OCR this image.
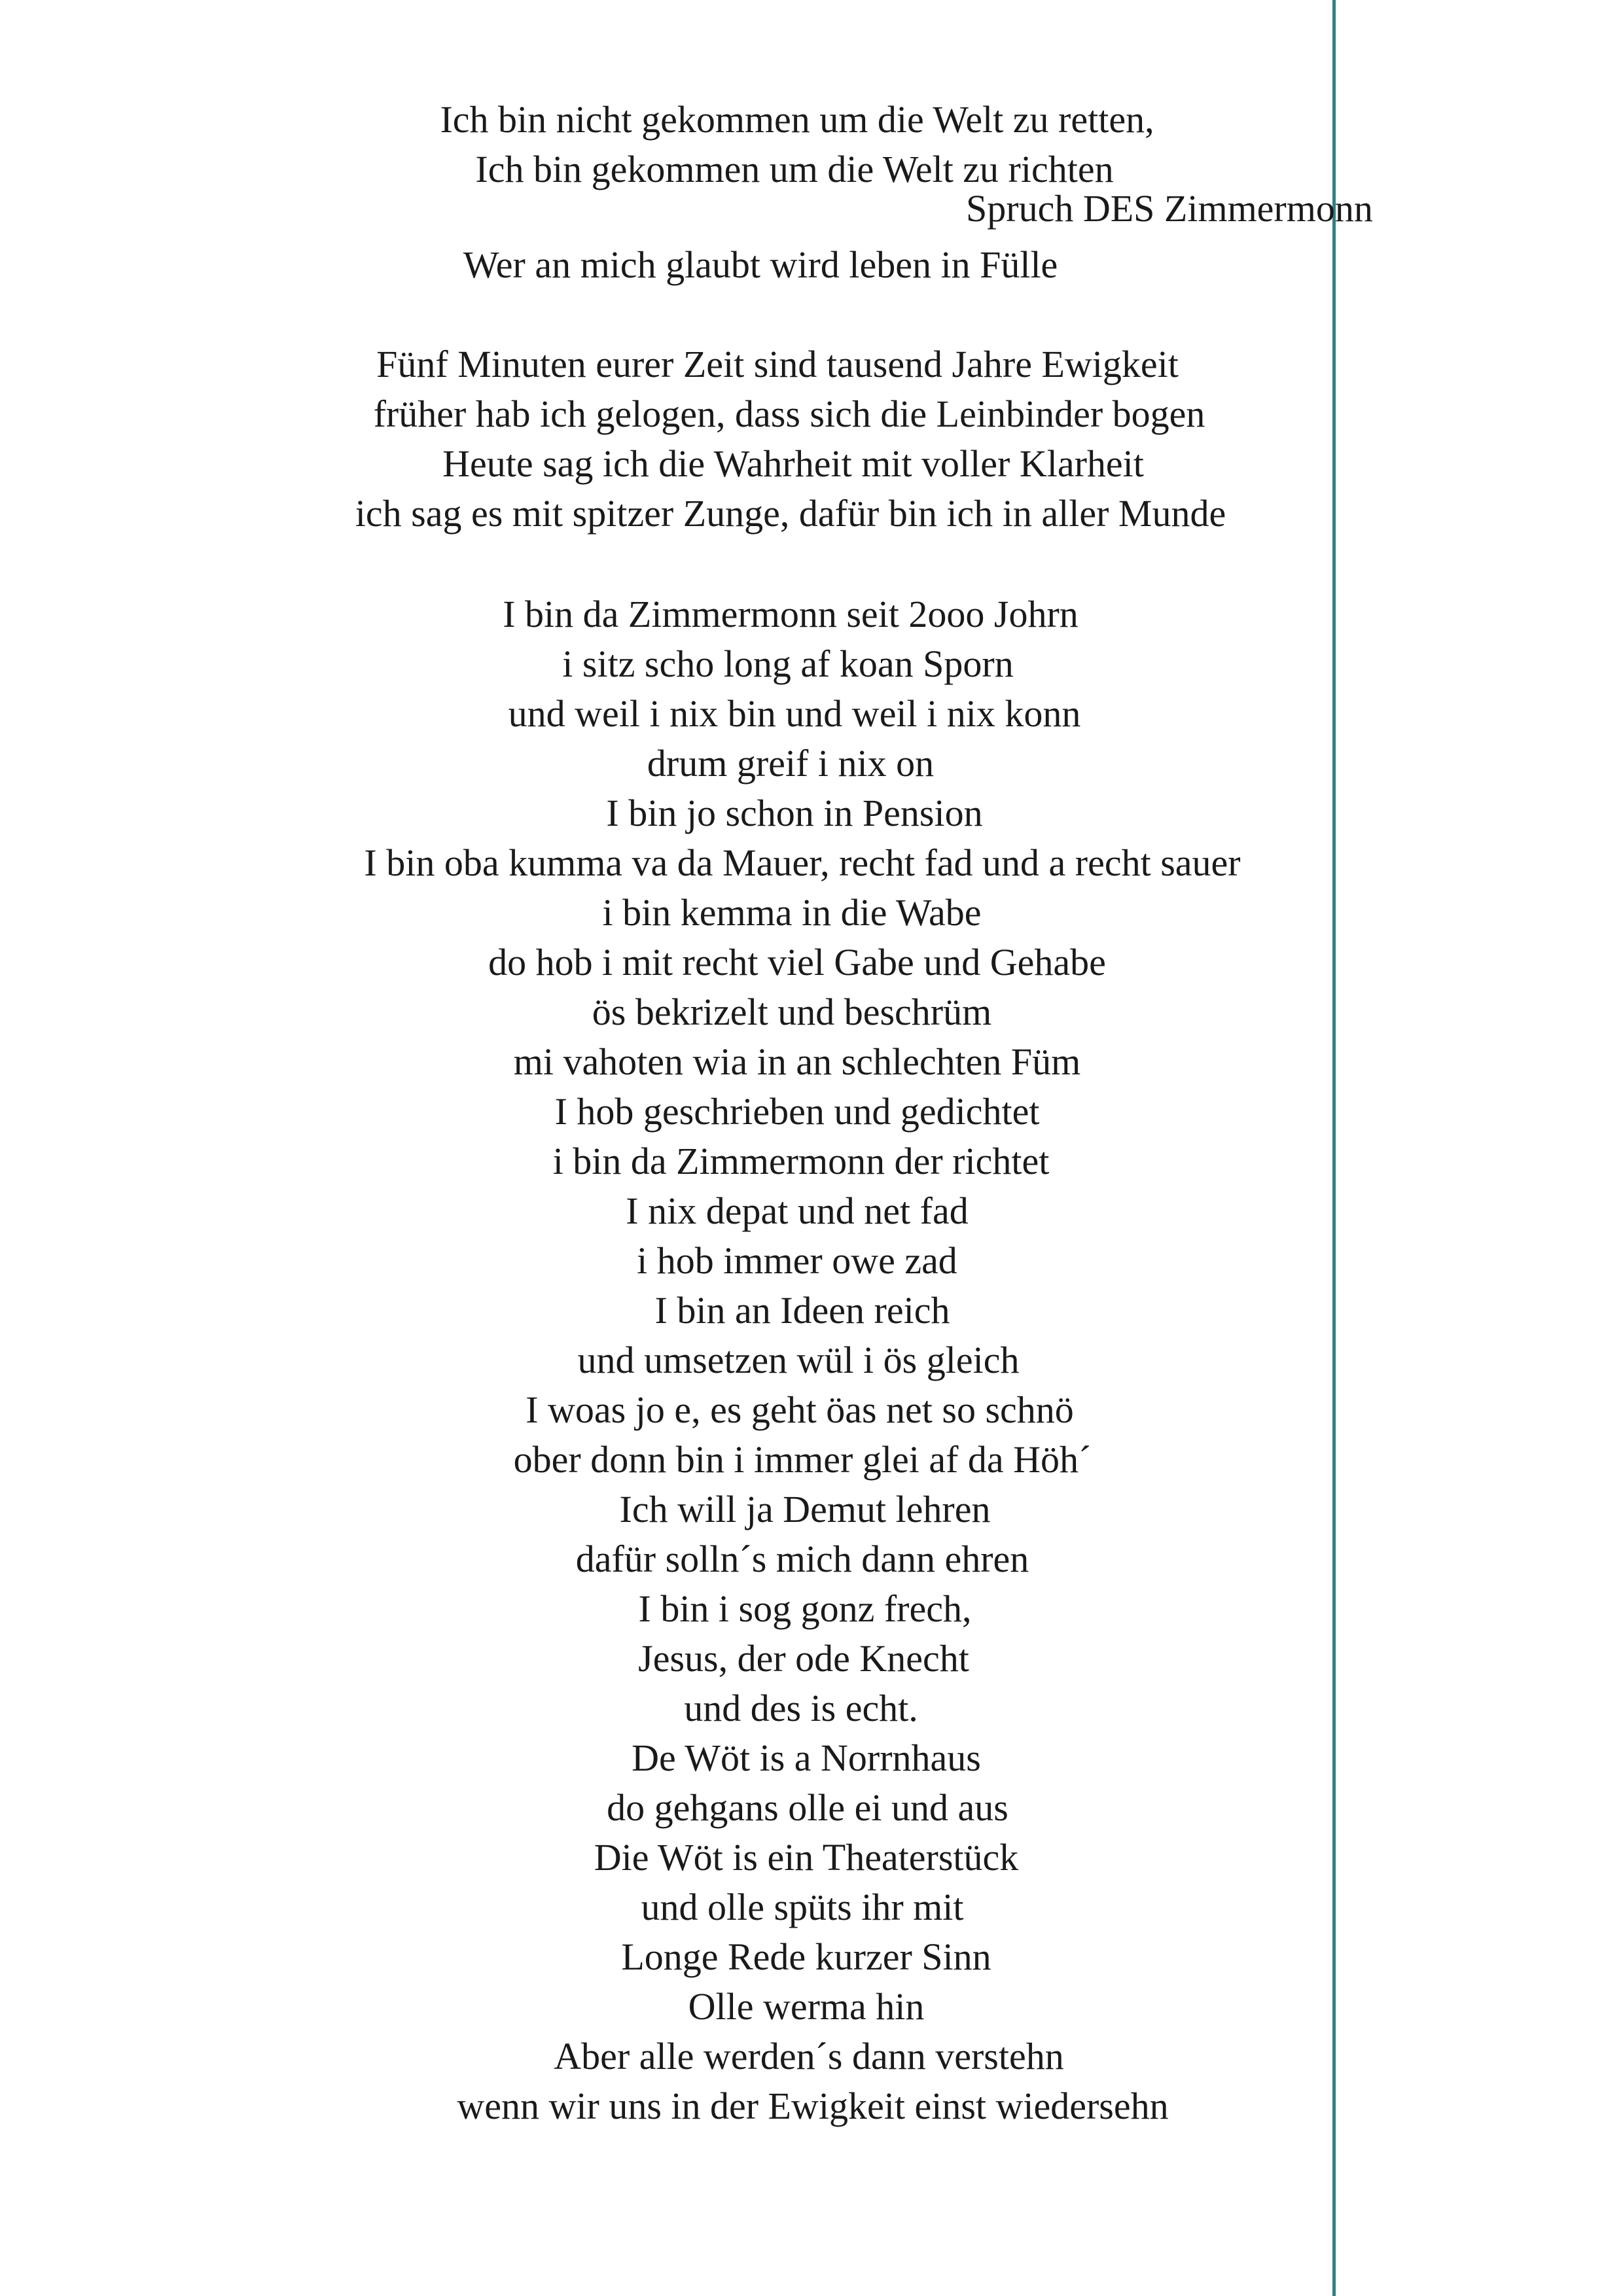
Ich bin nicht gekommen um die Welt zu retten,
Ich bin gekommen um die Welt zu richten
Spruch DES Zimmermonn
Wer an mich glaubt wird leben in Fülle
Fünf Minuten eurer Zeit sind tausend Jahre Ewigkeit
früher hab ich gelogen, dass sich die Leinbinder bogen
Heute sag ich die Wahrheit mit voller Klarheit
ich sag es mit spitzer Zunge, dafür bin ich in aller Munde
I bin da Zimmermonn seit 2ooo Johrn
i sitz scho long af koan Sporn
und weil i nix bin und weil i nix konn
drum greif i nix on
I bin jo schon in Pension
I bin oba kumma va da Mauer, recht fad und a recht sauer
i bin kemma in die Wabe
do hob i mit recht viel Gabe und Gehabe
ös bekrizelt und beschrüm
mi vahoten wia in an schlechten Füm
I hob geschrieben und gedichtet
i bin da Zimmermonn der richtet
I nix depat und net fad
i hob immer owe zad
I bin an Ideen reich
und umsetzen wül i ös gleich
I woas jo e, es geht öas net so schnö
ober donn bin i immer glei af da Höh´
Ich will ja Demut lehren
dafür solln´s mich dann ehren
I bin i sog gonz frech,
Jesus, der ode Knecht
und des is echt.
De Wöt is a Norrnhaus
do gehgans olle ei und aus
Die Wöt is ein Theaterstück
und olle spüts ihr mit
Longe Rede kurzer Sinn
Olle werma hin
Aber alle werden´s dann verstehn
wenn wir uns in der Ewigkeit einst wiedersehn
